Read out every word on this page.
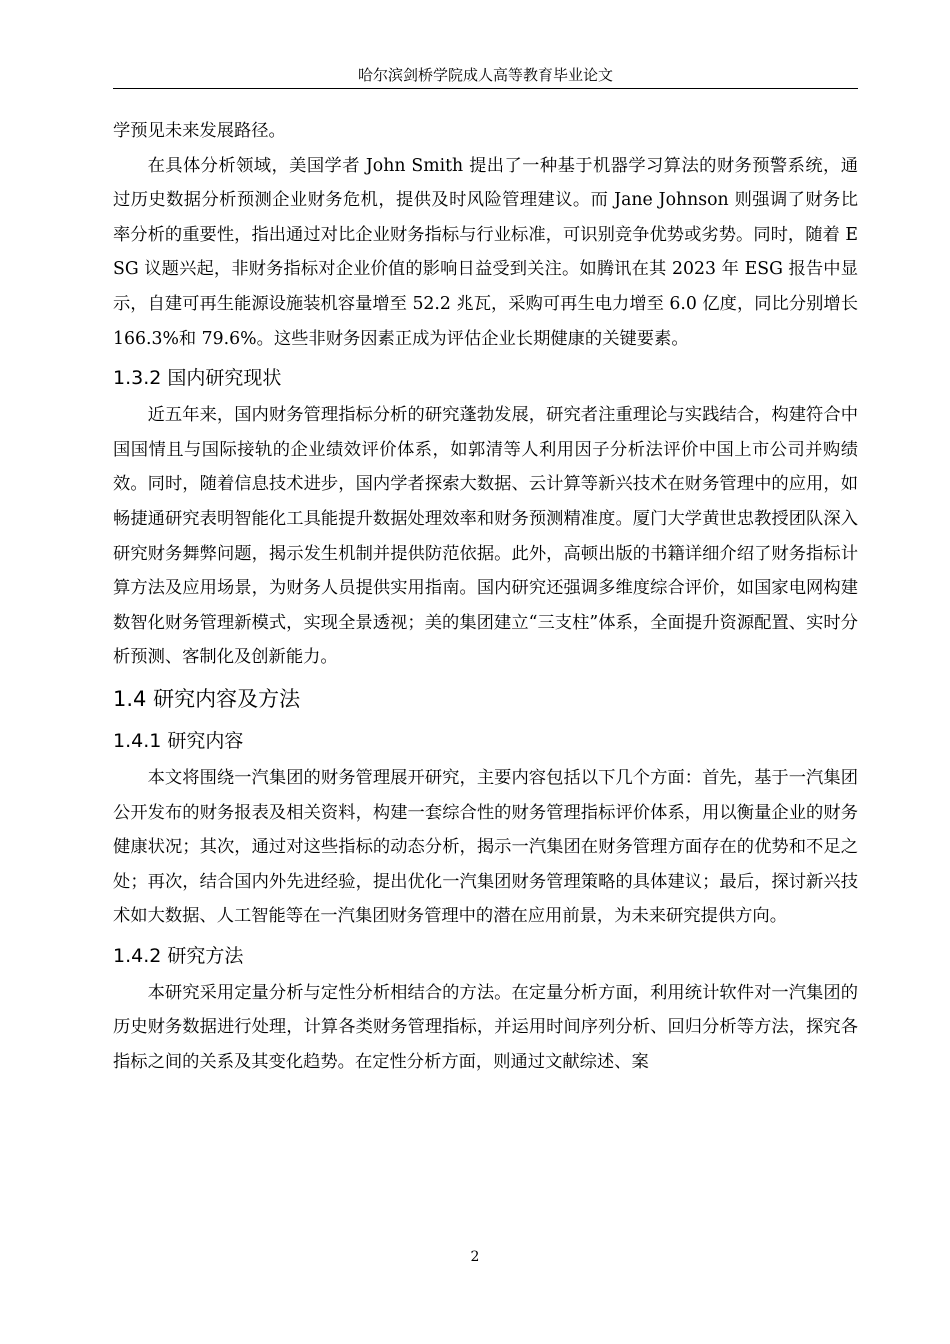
哈尔滨剑桥学院成人高等教育毕业论文

学预见未来发展路径。

在具体分析领域，美国学者 John Smith 提出了一种基于机器学习算法的财务预警系统，通过历史数据分析预测企业财务危机，提供及时风险管理建议。而 Jane Johnson 则强调了财务比率分析的重要性，指出通过对比企业财务指标与行业标准，可识别竞争优势或劣势。同时，随着 ESG 议题兴起，非财务指标对企业价值的影响日益受到关注。如腾讯在其 2023 年 ESG 报告中显示，自建可再生能源设施装机容量增至 52.2 兆瓦，采购可再生电力增至 6.0 亿度，同比分别增长 166.3%和 79.6%。这些非财务因素正成为评估企业长期健康的关键要素。

1.3.2 国内研究现状

近五年来，国内财务管理指标分析的研究蓬勃发展，研究者注重理论与实践结合，构建符合中国国情且与国际接轨的企业绩效评价体系，如郭清等人利用因子分析法评价中国上市公司并购绩效。同时，随着信息技术进步，国内学者探索大数据、云计算等新兴技术在财务管理中的应用，如畅捷通研究表明智能化工具能提升数据处理效率和财务预测精准度。厦门大学黄世忠教授团队深入研究财务舞弊问题，揭示发生机制并提供防范依据。此外，高顿出版的书籍详细介绍了财务指标计算方法及应用场景，为财务人员提供实用指南。国内研究还强调多维度综合评价，如国家电网构建数智化财务管理新模式，实现全景透视；美的集团建立“三支柱”体系，全面提升资源配置、实时分析预测、客制化及创新能力。

1.4 研究内容及方法
1.4.1 研究内容

本文将围绕一汽集团的财务管理展开研究，主要内容包括以下几个方面：首先，基于一汽集团公开发布的财务报表及相关资料，构建一套综合性的财务管理指标评价体系，用以衡量企业的财务健康状况；其次，通过对这些指标的动态分析，揭示一汽集团在财务管理方面存在的优势和不足之处；再次，结合国内外先进经验，提出优化一汽集团财务管理策略的具体建议；最后，探讨新兴技术如大数据、人工智能等在一汽集团财务管理中的潜在应用前景，为未来研究提供方向。

1.4.2 研究方法

本研究采用定量分析与定性分析相结合的方法。在定量分析方面，利用统计软件对一汽集团的历史财务数据进行处理，计算各类财务管理指标，并运用时间序列分析、回归分析等方法，探究各指标之间的关系及其变化趋势。在定性分析方面，则通过文献综述、案

2
